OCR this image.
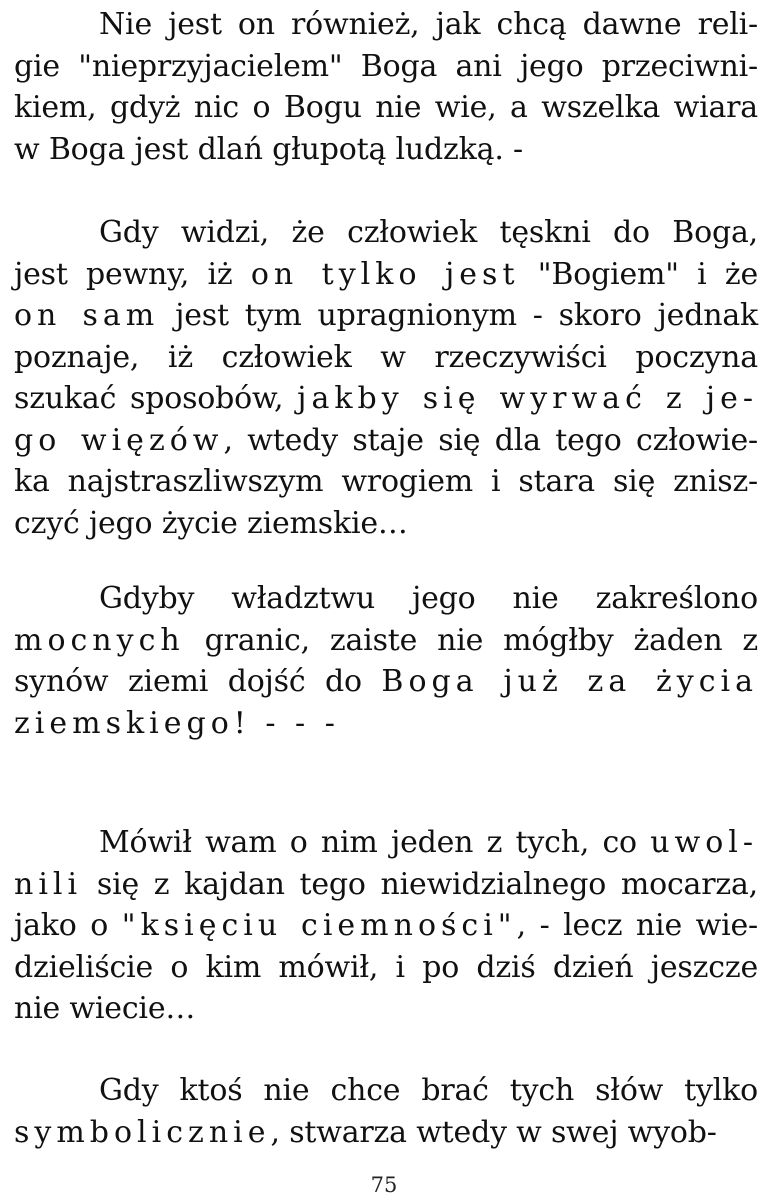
Nie jest on również, jak chcą dawne reli-
gie "nieprzyjacielem" Boga ani jego przeciwni-
kiem, gdyż nic o Bogu nie wie, a wszelka wiara
w Boga jest dlań głupotą ludzką. -
Gdy widzi, że człowiek tęskni do Boga,
jest pewny, iż on tylko jest "Bogiem" i że
on sam jest tym upragnionym - skoro jednak
poznaje, iż człowiek w rzeczywiści poczyna
szukać sposobów, jakby się wyrwać z je-
go więzów, wtedy staje się dla tego człowie-
ka najstraszliwszym wrogiem i stara się znisz-
czyć jego życie ziemskie…
Gdyby władztwu jego nie zakreślono
mocnych granic, zaiste nie mógłby żaden z
synów ziemi dojść do Boga już za życia
ziemskiego! - - -
Mówił wam o nim jeden z tych, co uwol-
nili się z kajdan tego niewidzialnego mocarza,
jako o "księciu ciemności", - lecz nie wie-
dzieliście o kim mówił, i po dziś dzień jeszcze
nie wiecie…
Gdy ktoś nie chce brać tych słów tylko
symbolicznie, stwarza wtedy w swej wyob-
75
